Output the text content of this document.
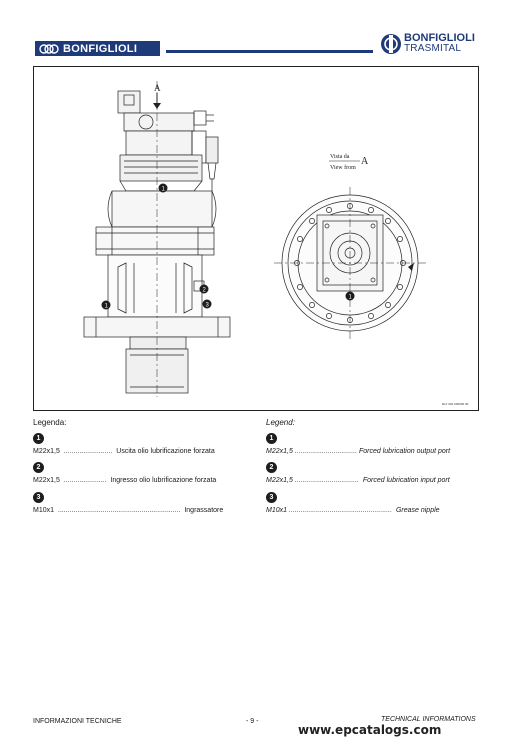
BONFIGLIOLI
BONFIGLIOLI
TRASMITAL
A
1
1
2
3
1
Vista da
View from
A
Ref: 002 000000 00
Legenda:
1
M22x1,5  .........................  Uscita olio lubrificazione forzata
2
M22x1,5  ......................  Ingresso olio lubrificazione forzata
3
M10x1  ...............................................................  Ingrassatore
Legend:
1
M22x1,5 ................................ Forced lubrication output port
2
M22x1,5 .................................  Forced lubrication input port
3
M10x1 .....................................................  Grease nipple
INFORMAZIONI TECNICHE	- 9 -	TECHNICAL INFORMATIONS
www.epcatalogs.com
